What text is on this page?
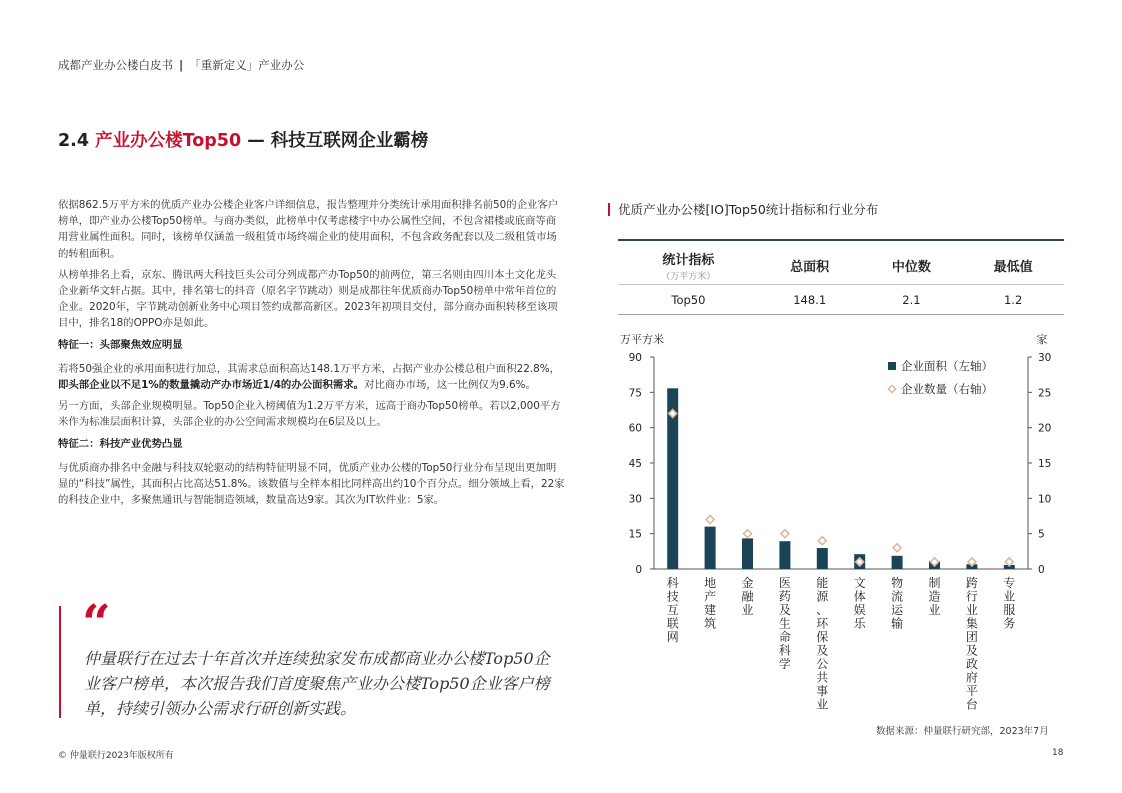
成都产业办公楼白皮书 | 「重新定义」产业办公
2.4 产业办公楼Top50 — 科技互联网企业霸榜

依据862.5万平方米的优质产业办公楼企业客户详细信息，报告整理并分类统计承用面积排名前50的企业客户榜单，即产业办公楼Top50榜单。与商办类似，此榜单中仅考虑楼宇中办公属性空间，不包含裙楼或底商等商用营业属性面积。同时，该榜单仅涵盖一级租赁市场终端企业的使用面积，不包含政务配套以及二级租赁市场的转租面积。

从榜单排名上看，京东、腾讯两大科技巨头公司分列成都产办Top50的前两位，第三名则由四川本土文化龙头企业新华文轩占据。其中，排名第七的抖音（原名字节跳动）则是成都往年优质商办Top50榜单中常年首位的企业。2020年，字节跳动创新业务中心项目签约成都高新区。2023年初项目交付，部分商办面积转移至该项目中，排名18的OPPO亦是如此。

特征一：头部聚焦效应明显

若将50强企业的承用面积进行加总，其需求总面积高达148.1万平方米，占据产业办公楼总租户面积22.8%，即头部企业以不足1%的数量撬动产办市场近1/4的办公面积需求。对比商办市场，这一比例仅为9.6%。

另一方面，头部企业规模明显。Top50企业入榜阈值为1.2万平方米，远高于商办Top50榜单。若以2,000平方米作为标准层面积计算，头部企业的办公空间需求规模均在6层及以上。

特征二：科技产业优势凸显

与优质商办排名中金融与科技双轮驱动的结构特征明显不同，优质产业办公楼的Top50行业分布呈现出更加明显的“科技”属性，其面积占比高达51.8%。该数值与全样本相比同样高出约10个百分点。细分领域上看，22家的科技企业中，多聚焦通讯与智能制造领域，数量高达9家。其次为IT软件业：5家。

“
仲量联行在过去十年首次并连续独家发布成都商业办公楼Top50企业客户榜单，本次报告我们首度聚焦产业办公楼Top50企业客户榜单，持续引领办公需求行研创新实践。
优质产业办公楼[IO]Top50统计指标和行业分布
统计指标
（万平方米）	总面积	中位数	最低值
Top50	148.1	2.1	1.2
万平方米	家
0
15
30
45
60
75
90
0
5
10
15
20
25
30
科
技
互
联
网
地
产
建
筑
金
融
业
医
药
及
生
命
科
学
能
源
、
环
保
及
公
共
事
业
文
体
娱
乐
物
流
运
输
制
造
业
跨
行
业
集
团
及
政
府
平
台
专
业
服
务
企业面积（左轴）
企业数量（右轴）
数据来源：仲量联行研究部，2023年7月
© 仲量联行2023年版权所有	18
